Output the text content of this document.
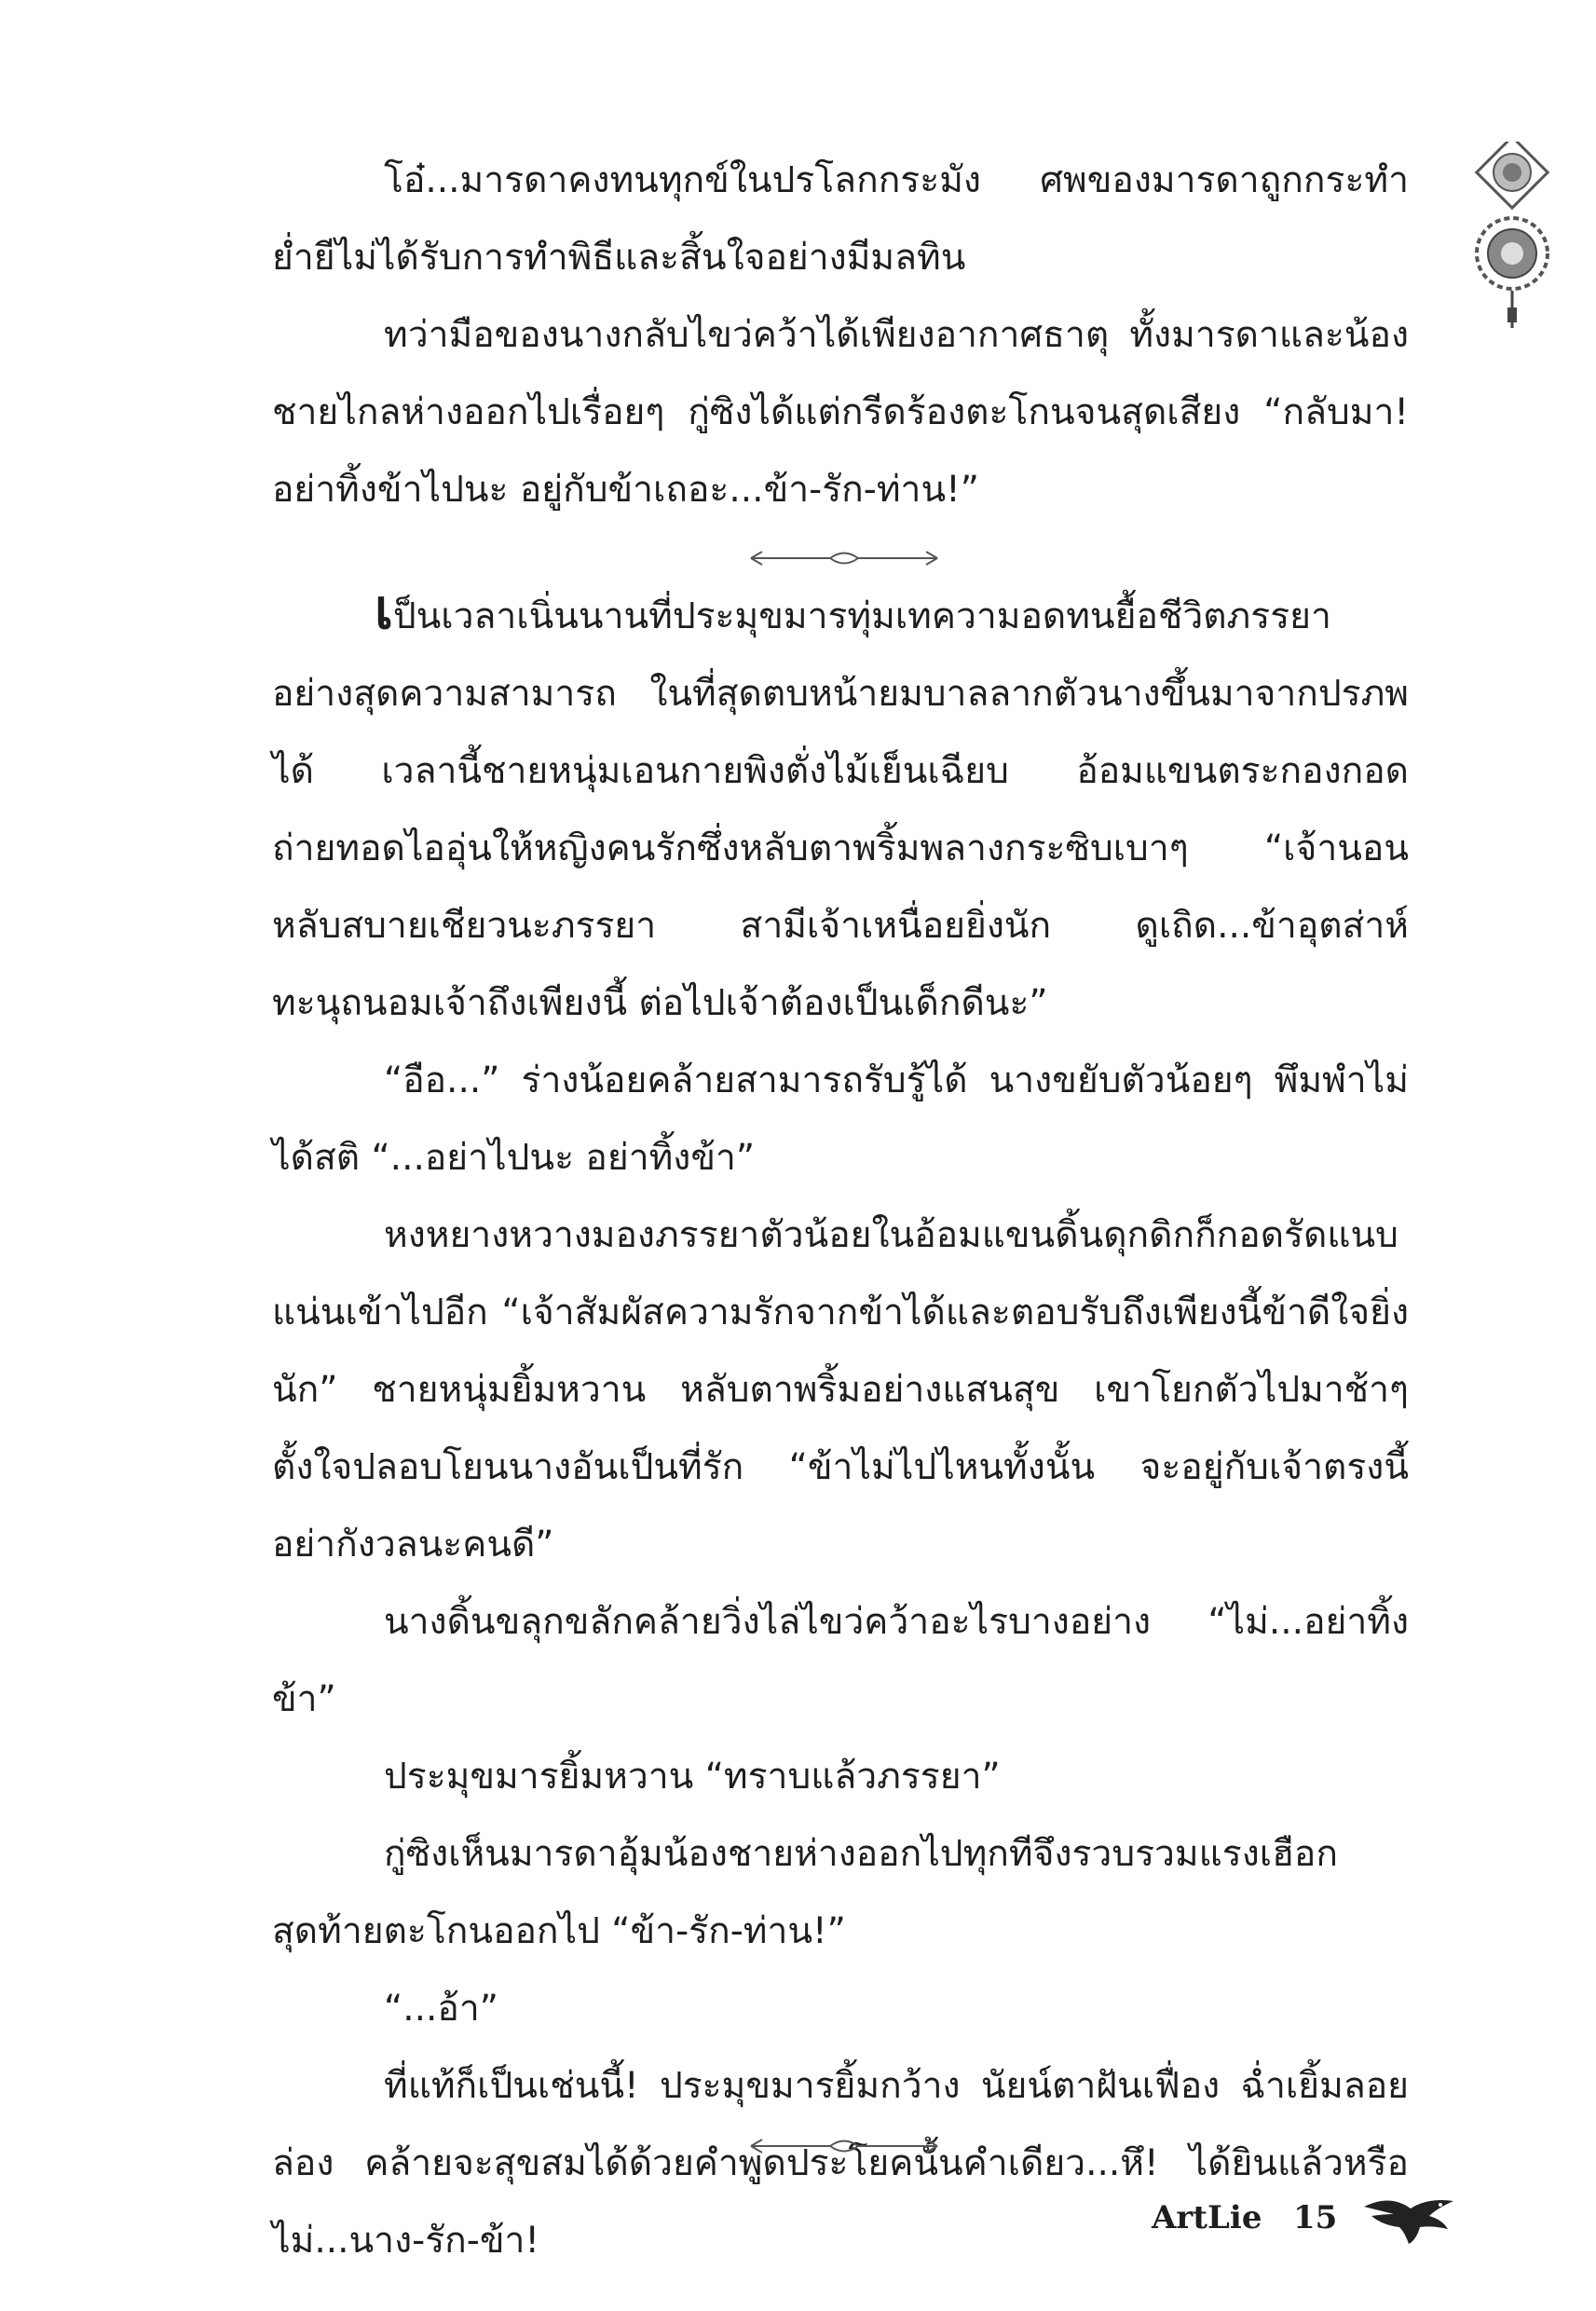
โอ๋...มารดาคงทนทุกข์ในปรโลกกระมัง ศพของมารดาถูกกระทำย่ำยีไม่ได้รับการทำพิธีและสิ้นใจอย่างมีมลทิน

ทว่ามือของนางกลับไขว่คว้าได้เพียงอากาศธาตุ ทั้งมารดาและน้องชายไกลห่างออกไปเรื่อยๆ กู่ซิงได้แต่กรีดร้องตะโกนจนสุดเสียง “กลับมา! อย่าทิ้งข้าไปนะ อยู่กับข้าเถอะ...ข้า-รัก-ท่าน!”

เป็นเวลาเนิ่นนานที่ประมุขมารทุ่มเทความอดทนยื้อชีวิตภรรยาอย่างสุดความสามารถ ในที่สุดตบหน้ายมบาลลากตัวนางขึ้นมาจากปรภพได้ เวลานี้ชายหนุ่มเอนกายพิงตั่งไม้เย็นเฉียบ อ้อมแขนตระกองกอดถ่ายทอดไออุ่นให้หญิงคนรักซึ่งหลับตาพริ้มพลางกระซิบเบาๆ “เจ้านอนหลับสบายเชียวนะภรรยา สามีเจ้าเหนื่อยยิ่งนัก ดูเถิด...ข้าอุตส่าห์ทะนุถนอมเจ้าถึงเพียงนี้ ต่อไปเจ้าต้องเป็นเด็กดีนะ”

“อือ...” ร่างน้อยคล้ายสามารถรับรู้ได้ นางขยับตัวน้อยๆ พึมพำไม่ได้สติ “...อย่าไปนะ อย่าทิ้งข้า”

หงหยางหวางมองภรรยาตัวน้อยในอ้อมแขนดิ้นดุกดิกก็กอดรัดแนบแน่นเข้าไปอีก “เจ้าสัมผัสความรักจากข้าได้และตอบรับถึงเพียงนี้ข้าดีใจยิ่งนัก” ชายหนุ่มยิ้มหวาน หลับตาพริ้มอย่างแสนสุข เขาโยกตัวไปมาช้าๆ ตั้งใจปลอบโยนนางอันเป็นที่รัก “ข้าไม่ไปไหนทั้งนั้น จะอยู่กับเจ้าตรงนี้ อย่ากังวลนะคนดี”

นางดิ้นขลุกขลักคล้ายวิ่งไล่ไขว่คว้าอะไรบางอย่าง “ไม่...อย่าทิ้งข้า”

ประมุขมารยิ้มหวาน “ทราบแล้วภรรยา”

กู่ซิงเห็นมารดาอุ้มน้องชายห่างออกไปทุกทีจึงรวบรวมแรงเฮือกสุดท้ายตะโกนออกไป “ข้า-รัก-ท่าน!”

“...อ้า”

ที่แท้ก็เป็นเช่นนี้! ประมุขมารยิ้มกว้าง นัยน์ตาฝันเฟื่อง ฉ่ำเยิ้มลอยล่อง คล้ายจะสุขสมได้ด้วยคำพูดประโยคนั้นคำเดียว...หึ! ได้ยินแล้วหรือไม่...นาง-รัก-ข้า!

ArtLie 15
